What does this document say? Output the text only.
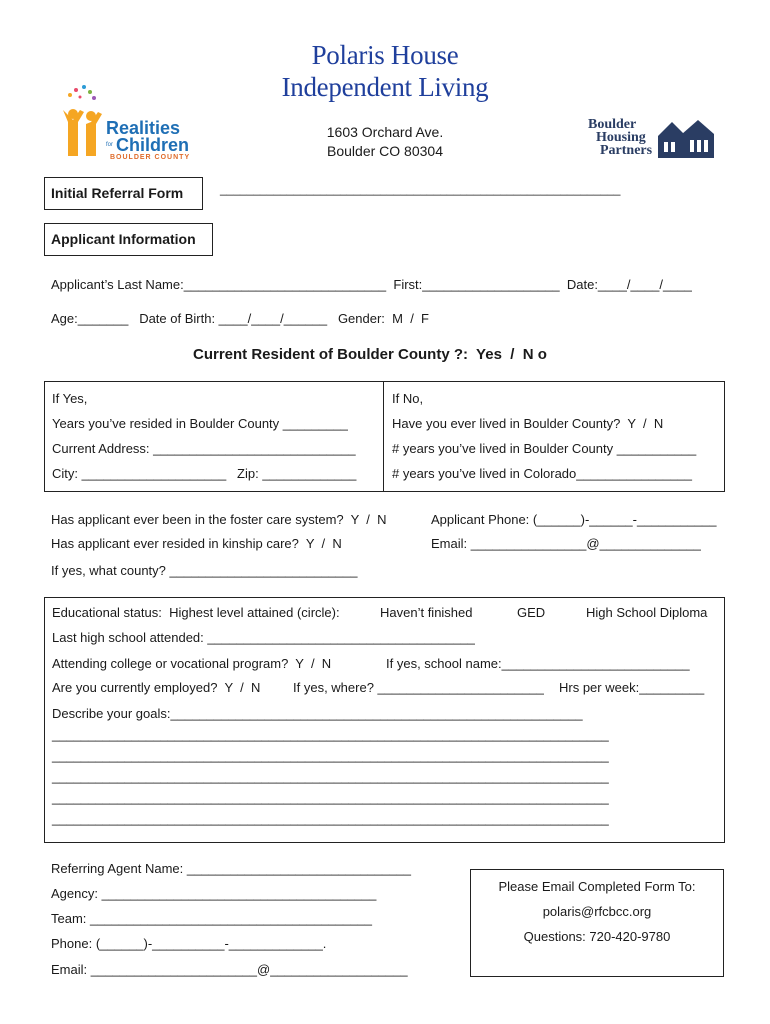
Polaris House
Independent Living
1603 Orchard Ave.
Boulder CO 80304

Realities

for

Children

BOULDER COUNTY

Boulder

Housing

Partners

Initial Referral Form	____________________________________________________________
Applicant Information
Applicant’s Last Name:____________________________  First:___________________  Date:____/____/____
Age:_______   Date of Birth: ____/____/______   Gender:  M  /  F
Current Resident of Boulder County ?:  Yes  /  N o
If Yes,
Years you’ve resided in Boulder County _________
Current Address: ____________________________
City: ____________________   Zip: _____________
If No,
Have you ever lived in Boulder County?  Y  /  N
# years you’ve lived in Boulder County ___________
# years you’ve lived in Colorado________________
Has applicant ever been in the foster care system?  Y  /  N
Has applicant ever resided in kinship care?  Y  /  N
If yes, what county? __________________________
Applicant Phone: (______)-______-___________
Email: ________________@______________
Educational status:  Highest level attained (circle):	Haven’t finished	GED	High School Diploma
Last high school attended: _____________________________________
Attending college or vocational program?  Y  /  N	If yes, school name:__________________________
Are you currently employed?  Y  /  N	If yes, where? _______________________ Hrs per week:_________
Describe your goals:_________________________________________________________
_____________________________________________________________________________
_____________________________________________________________________________
_____________________________________________________________________________
_____________________________________________________________________________
_____________________________________________________________________________
Referring Agent Name: _______________________________
Agency: ______________________________________
Team: _______________________________________
Phone: (______)-__________-_____________.
Email: _______________________@___________________
Please Email Completed Form To:
polaris@rfcbcc.org
Questions: 720-420-9780
